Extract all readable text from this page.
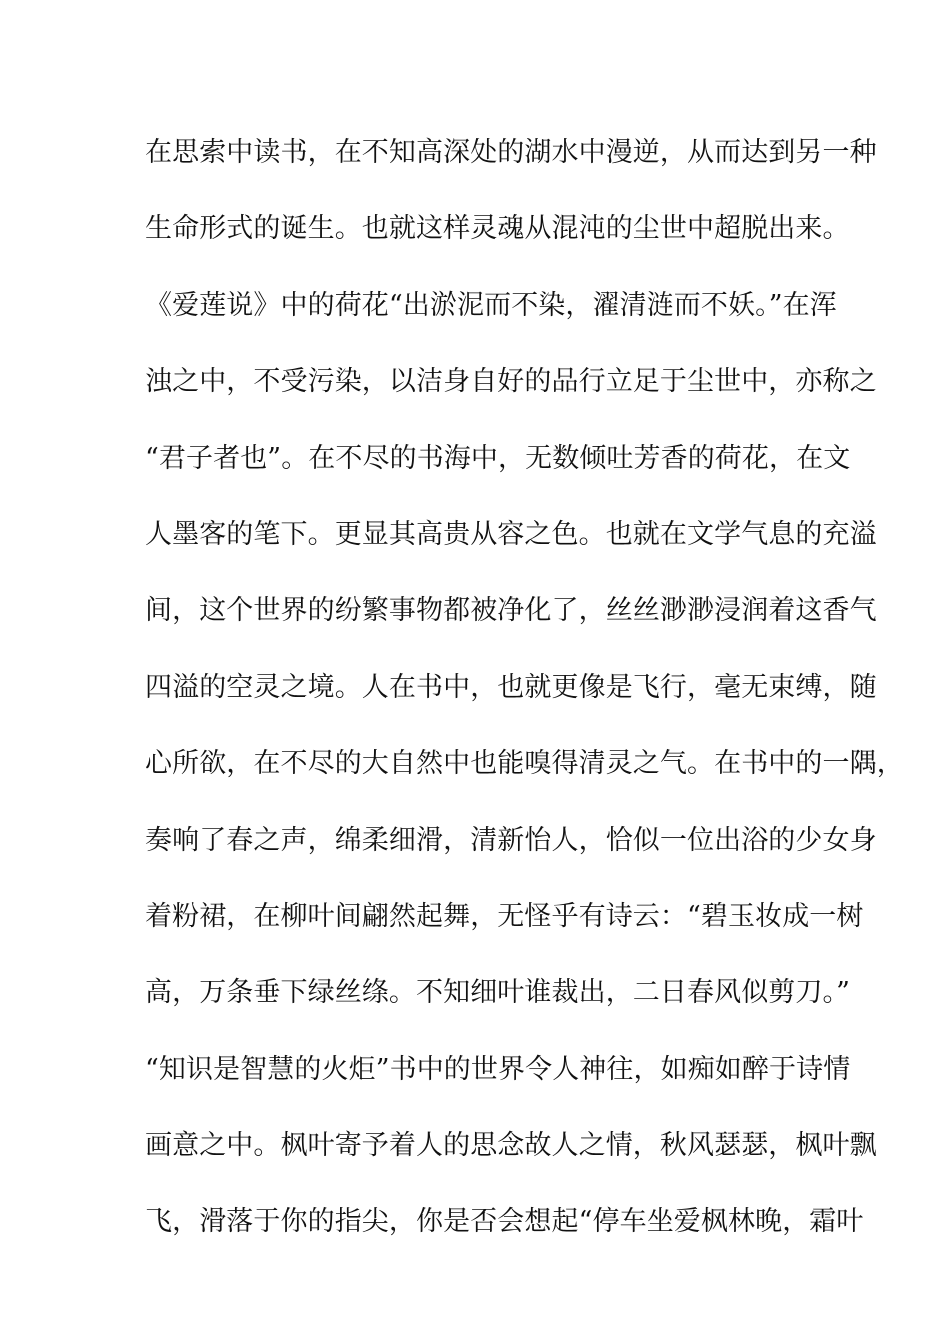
在思索中读书，在不知高深处的湖水中漫逆，从而达到另一种
生命形式的诞生。也就这样灵魂从混沌的尘世中超脱出来。
《爱莲说》中的荷花“出淤泥而不染，濯清涟而不妖。”在浑
浊之中，不受污染，以洁身自好的品行立足于尘世中，亦称之
“君子者也”。在不尽的书海中，无数倾吐芳香的荷花，在文
人墨客的笔下。更显其高贵从容之色。也就在文学气息的充溢
间，这个世界的纷繁事物都被净化了，丝丝渺渺浸润着这香气
四溢的空灵之境。人在书中，也就更像是飞行，毫无束缚，随
心所欲，在不尽的大自然中也能嗅得清灵之气。在书中的一隅，
奏响了春之声，绵柔细滑，清新怡人，恰似一位出浴的少女身
着粉裙，在柳叶间翩然起舞，无怪乎有诗云：“碧玉妆成一树
高，万条垂下绿丝绦。不知细叶谁裁出，二日春风似剪刀。”
“知识是智慧的火炬”书中的世界令人神往，如痴如醉于诗情
画意之中。枫叶寄予着人的思念故人之情，秋风瑟瑟，枫叶飘
飞，滑落于你的指尖，你是否会想起“停车坐爱枫林晚，霜叶
